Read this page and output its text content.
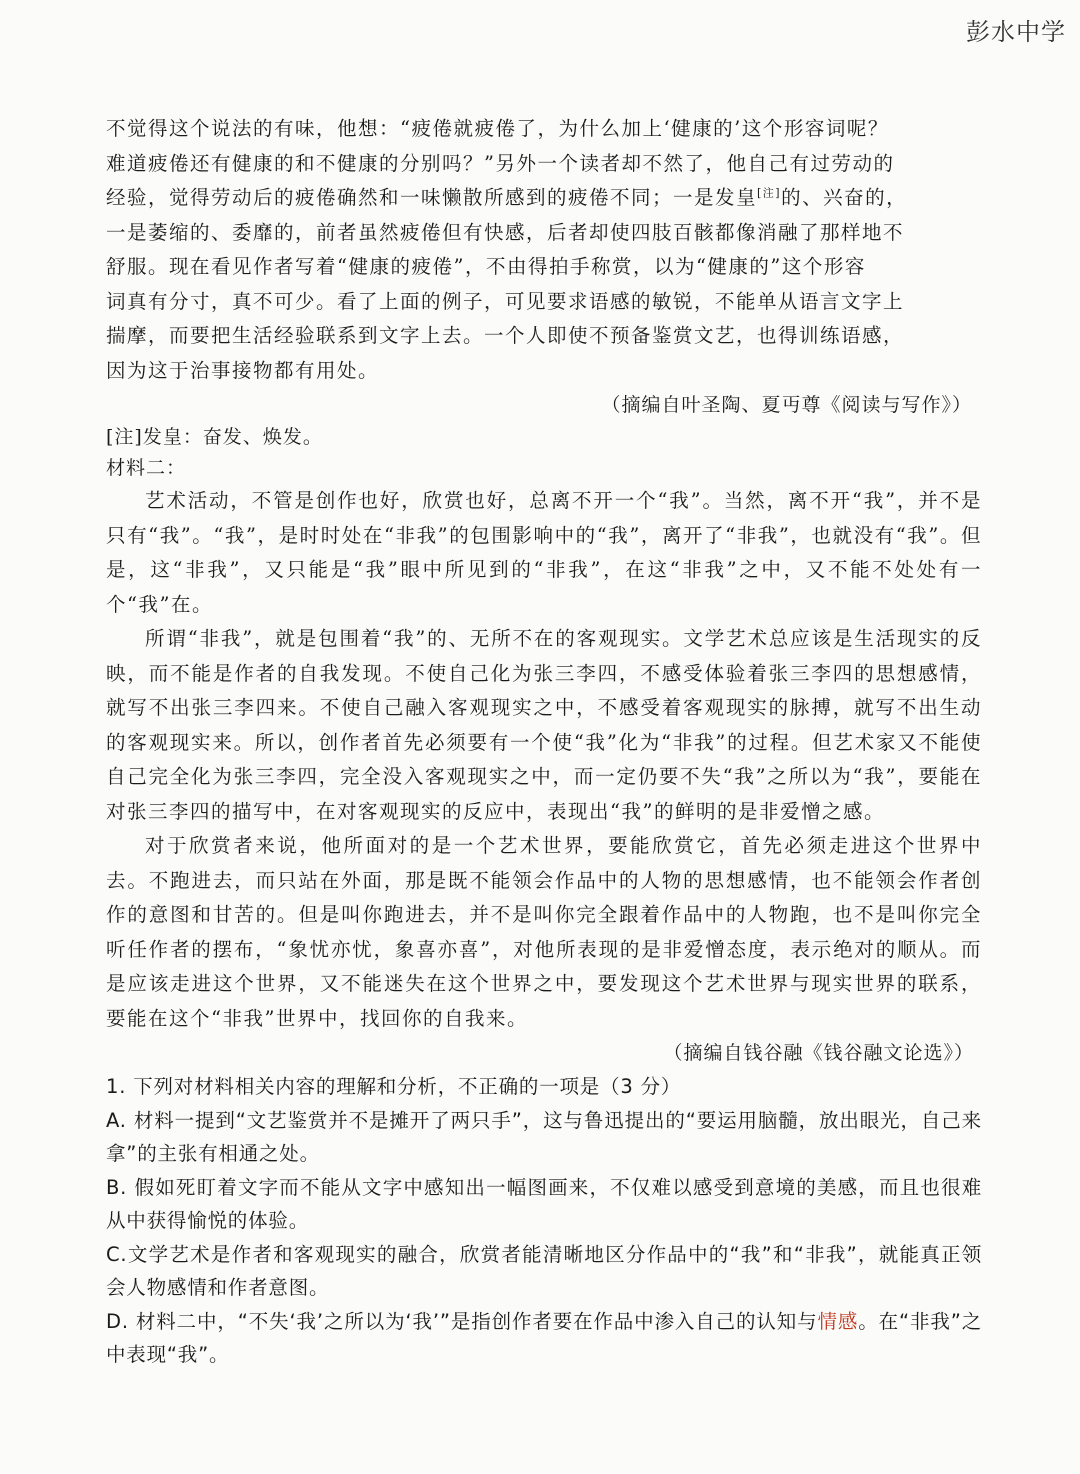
彭水中学

不觉得这个说法的有味，他想：“疲倦就疲倦了，为什么加上‘健康的’这个形容词呢？

难道疲倦还有健康的和不健康的分别吗？”另外一个读者却不然了，他自己有过劳动的

经验，觉得劳动后的疲倦确然和一味懒散所感到的疲倦不同；一是发皇[注]的、兴奋的，

一是萎缩的、委靡的，前者虽然疲倦但有快感，后者却使四肢百骸都像消融了那样地不

舒服。现在看见作者写着“健康的疲倦”，不由得拍手称赏，以为“健康的”这个形容

词真有分寸，真不可少。看了上面的例子，可见要求语感的敏锐，不能单从语言文字上

揣摩，而要把生活经验联系到文字上去。一个人即使不预备鉴赏文艺，也得训练语感，

因为这于治事接物都有用处。

（摘编自叶圣陶、夏丏尊《阅读与写作》）

[注]发皇：奋发、焕发。

材料二：

艺术活动，不管是创作也好，欣赏也好，总离不开一个“我”。当然，离不开“我”，并不是只有“我”。“我”，是时时处在“非我”的包围影响中的“我”，离开了“非我”，也就没有“我”。但是，这“非我”，又只能是“我”眼中所见到的“非我”，在这“非我”之中，又不能不处处有一个“我”在。

所谓“非我”，就是包围着“我”的、无所不在的客观现实。文学艺术总应该是生活现实的反映，而不能是作者的自我发现。不使自己化为张三李四，不感受体验着张三李四的思想感情，就写不出张三李四来。不使自己融入客观现实之中，不感受着客观现实的脉搏，就写不出生动的客观现实来。所以，创作者首先必须要有一个使“我”化为“非我”的过程。但艺术家又不能使自己完全化为张三李四，完全没入客观现实之中，而一定仍要不失“我”之所以为“我”，要能在对张三李四的描写中，在对客观现实的反应中，表现出“我”的鲜明的是非爱憎之感。

对于欣赏者来说，他所面对的是一个艺术世界，要能欣赏它，首先必须走进这个世界中去。不跑进去，而只站在外面，那是既不能领会作品中的人物的思想感情，也不能领会作者创作的意图和甘苦的。但是叫你跑进去，并不是叫你完全跟着作品中的人物跑，也不是叫你完全听任作者的摆布，“象忧亦忧，象喜亦喜”，对他所表现的是非爱憎态度，表示绝对的顺从。而是应该走进这个世界，又不能迷失在这个世界之中，要发现这个艺术世界与现实世界的联系，要能在这个“非我”世界中，找回你的自我来。

（摘编自钱谷融《钱谷融文论选》）

1. 下列对材料相关内容的理解和分析，不正确的一项是（3 分）

A. 材料一提到“文艺鉴赏并不是摊开了两只手”，这与鲁迅提出的“要运用脑髓，放出眼光，自己来拿”的主张有相通之处。

B. 假如死盯着文字而不能从文字中感知出一幅图画来，不仅难以感受到意境的美感，而且也很难从中获得愉悦的体验。

C.文学艺术是作者和客观现实的融合，欣赏者能清晰地区分作品中的“我”和“非我”，就能真正领会人物感情和作者意图。

D. 材料二中，“不失‘我’之所以为‘我’”是指创作者要在作品中渗入自己的认知与情感。在“非我”之中表现“我”。
